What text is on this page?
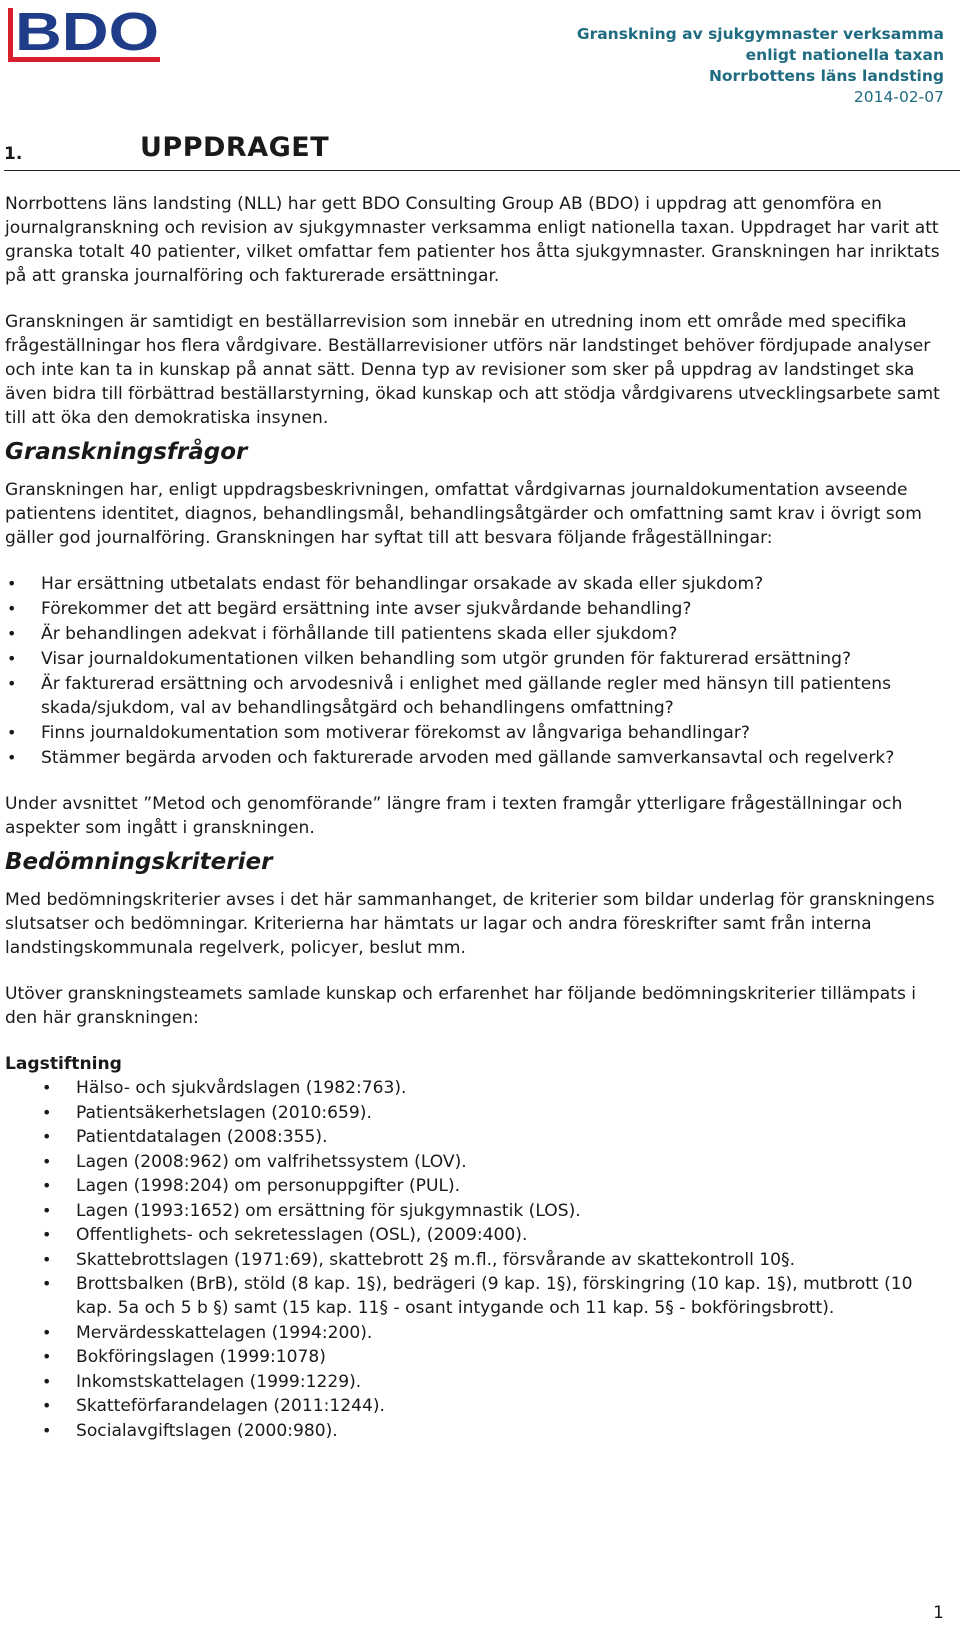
BDO	Granskning av sjukgymnaster verksamma
enligt nationella taxan
Norrbottens läns landsting
2014-02-07
1.	UPPDRAGET

Norrbottens läns landsting (NLL) har gett BDO Consulting Group AB (BDO) i uppdrag att genomföra en journalgranskning och revision av sjukgymnaster verksamma enligt nationella taxan. Uppdraget har varit att granska totalt 40 patienter, vilket omfattar fem patienter hos åtta sjukgymnaster. Granskningen har inriktats på att granska journalföring och fakturerade ersättningar.

Granskningen är samtidigt en beställarrevision som innebär en utredning inom ett område med specifika frågeställningar hos flera vårdgivare. Beställarrevisioner utförs när landstinget behöver fördjupade analyser och inte kan ta in kunskap på annat sätt. Denna typ av revisioner som sker på uppdrag av landstinget ska även bidra till förbättrad beställarstyrning, ökad kunskap och att stödja vårdgivarens utvecklingsarbete samt till att öka den demokratiska insynen.

Granskningsfrågor

Granskningen har, enligt uppdragsbeskrivningen, omfattat vårdgivarnas journaldokumentation avseende patientens identitet, diagnos, behandlingsmål, behandlingsåtgärder och omfattning samt krav i övrigt som gäller god journalföring. Granskningen har syftat till att besvara följande frågeställningar:

• Har ersättning utbetalats endast för behandlingar orsakade av skada eller sjukdom?
• Förekommer det att begärd ersättning inte avser sjukvårdande behandling?
• Är behandlingen adekvat i förhållande till patientens skada eller sjukdom?
• Visar journaldokumentationen vilken behandling som utgör grunden för fakturerad ersättning?
• Är fakturerad ersättning och arvodesnivå i enlighet med gällande regler med hänsyn till patientens skada/sjukdom, val av behandlingsåtgärd och behandlingens omfattning?
• Finns journaldokumentation som motiverar förekomst av långvariga behandlingar?
• Stämmer begärda arvoden och fakturerade arvoden med gällande samverkansavtal och regelverk?

Under avsnittet ”Metod och genomförande” längre fram i texten framgår ytterligare frågeställningar och aspekter som ingått i granskningen.

Bedömningskriterier

Med bedömningskriterier avses i det här sammanhanget, de kriterier som bildar underlag för granskningens slutsatser och bedömningar. Kriterierna har hämtats ur lagar och andra föreskrifter samt från interna landstingskommunala regelverk, policyer, beslut mm.

Utöver granskningsteamets samlade kunskap och erfarenhet har följande bedömningskriterier tillämpats i den här granskningen:

Lagstiftning
• Hälso- och sjukvårdslagen (1982:763).
• Patientsäkerhetslagen (2010:659).
• Patientdatalagen (2008:355).
• Lagen (2008:962) om valfrihetssystem (LOV).
• Lagen (1998:204) om personuppgifter (PUL).
• Lagen (1993:1652) om ersättning för sjukgymnastik (LOS).
• Offentlighets- och sekretesslagen (OSL), (2009:400).
• Skattebrottslagen (1971:69), skattebrott 2§ m.fl., försvårande av skattekontroll 10§.
• Brottsbalken (BrB), stöld (8 kap. 1§), bedrägeri (9 kap. 1§), förskingring (10 kap. 1§), mutbrott (10 kap. 5a och 5 b §) samt (15 kap. 11§ - osant intygande och 11 kap. 5§ - bokföringsbrott).
• Mervärdesskattelagen (1994:200).
• Bokföringslagen (1999:1078)
• Inkomstskattelagen (1999:1229).
• Skatteförfarandelagen (2011:1244).
• Socialavgiftslagen (2000:980).
1
